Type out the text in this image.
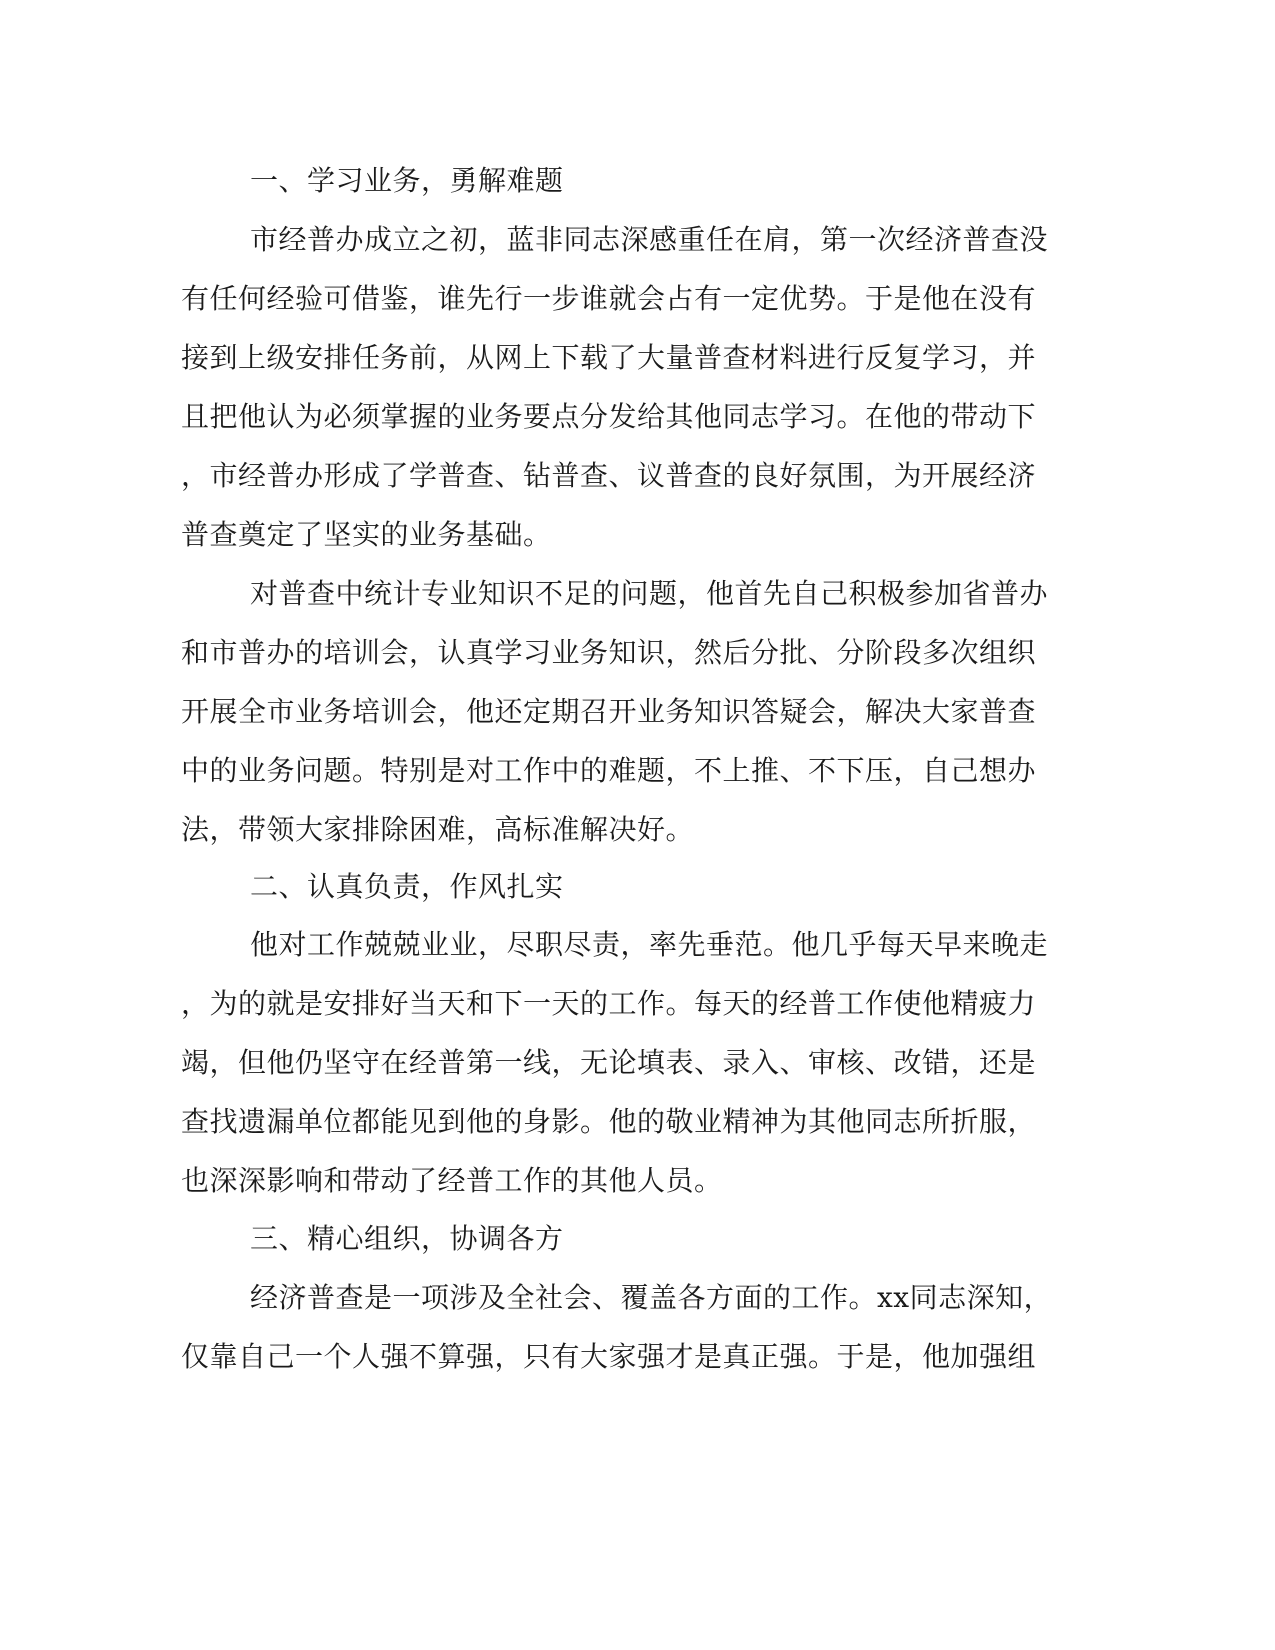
一、学习业务，勇解难题

市经普办成立之初，蓝非同志深感重任在肩，第一次经济普查没

有任何经验可借鉴，谁先行一步谁就会占有一定优势。于是他在没有

接到上级安排任务前，从网上下载了大量普查材料进行反复学习，并

且把他认为必须掌握的业务要点分发给其他同志学习。在他的带动下

，市经普办形成了学普查、钻普查、议普查的良好氛围，为开展经济

普查奠定了坚实的业务基础。

对普查中统计专业知识不足的问题，他首先自己积极参加省普办

和市普办的培训会，认真学习业务知识，然后分批、分阶段多次组织

开展全市业务培训会，他还定期召开业务知识答疑会，解决大家普查

中的业务问题。特别是对工作中的难题，不上推、不下压，自己想办

法，带领大家排除困难，高标准解决好。

二、认真负责，作风扎实

他对工作兢兢业业，尽职尽责，率先垂范。他几乎每天早来晚走

，为的就是安排好当天和下一天的工作。每天的经普工作使他精疲力

竭，但他仍坚守在经普第一线，无论填表、录入、审核、改错，还是

查找遗漏单位都能见到他的身影。他的敬业精神为其他同志所折服，

也深深影响和带动了经普工作的其他人员。

三、精心组织，协调各方

经济普查是一项涉及全社会、覆盖各方面的工作。xx同志深知，

仅靠自己一个人强不算强，只有大家强才是真正强。于是，他加强组
